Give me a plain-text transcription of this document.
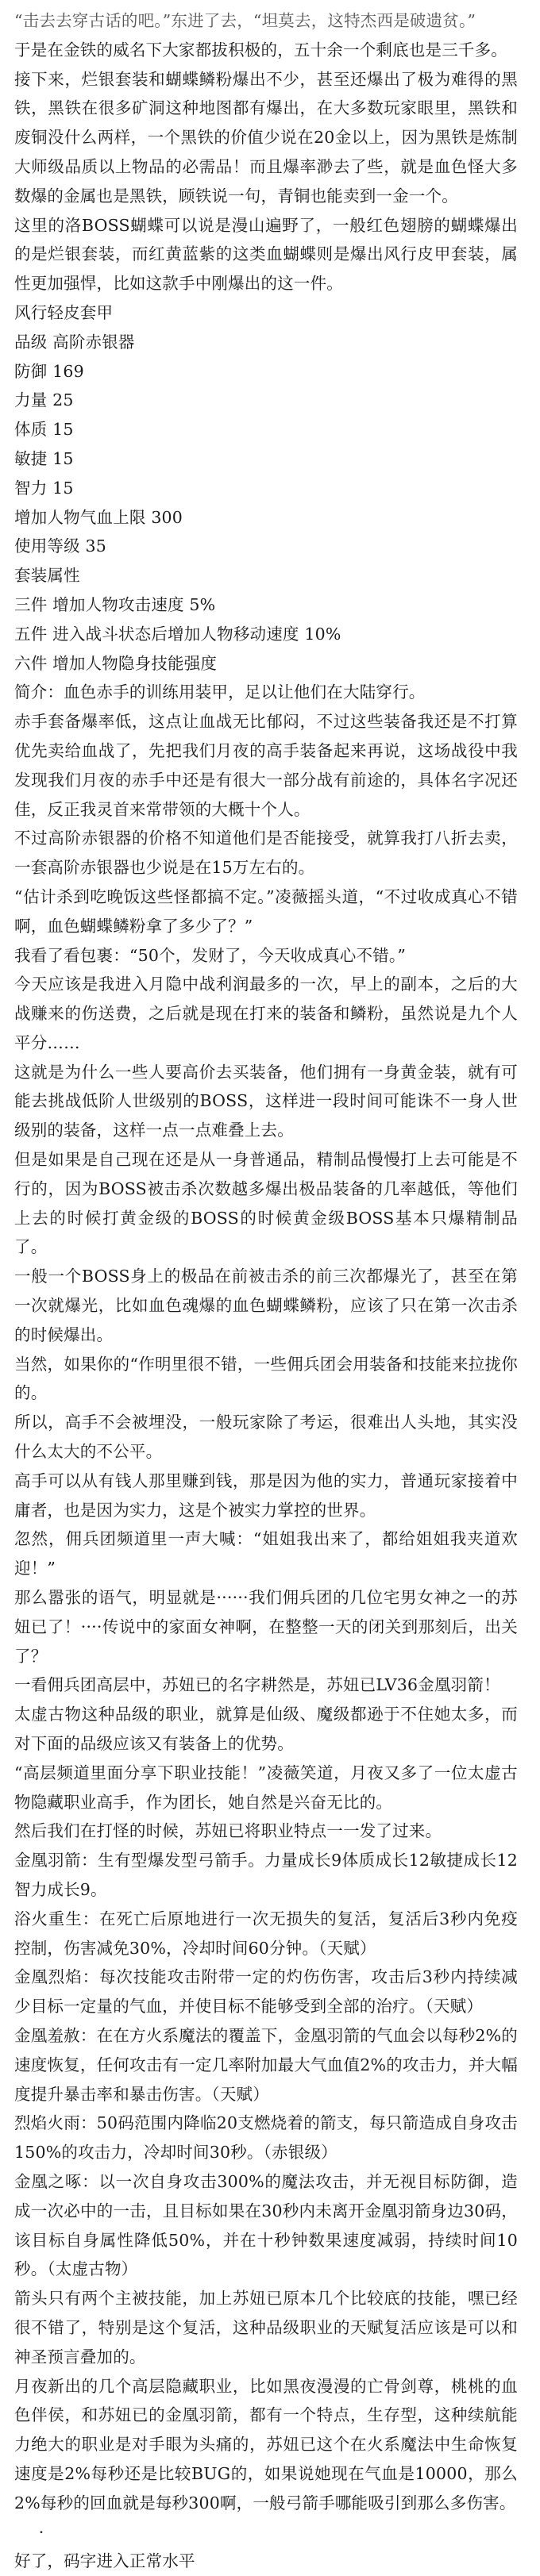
“击去去穿古话的吧。”东进了去，“坦莫去，这特杰西是破遗贫。”

于是在金铁的威名下大家都拔积极的，五十余一个剩底也是三千多。

接下来，烂银套装和蝴蝶鳞粉爆出不少，甚至还爆出了极为难得的黑铁，黑铁在很多矿洞这种地图都有爆出，在大多数玩家眼里，黑铁和废铜没什么两样，一个黑铁的价值少说在20金以上，因为黑铁是炼制大师级品质以上物品的必需品！而且爆率渺去了些，就是血色怪大多数爆的金属也是黑铁，顾铁说一句，青铜也能卖到一金一个。

这里的洛BOSS蝴蝶可以说是漫山遍野了，一般红色翅膀的蝴蝶爆出的是烂银套装，而红黄蓝紫的这类血蝴蝶则是爆出风行皮甲套装，属性更加强悍，比如这款手中刚爆出的这一件。

风行轻皮套甲

品级 高阶赤银器

防御 169

力量 25

体质 15

敏捷 15

智力 15

增加人物气血上限 300

使用等级 35

套装属性

三件 增加人物攻击速度 5%

五件 进入战斗状态后增加人物移动速度 10%

六件 增加人物隐身技能强度

简介：血色赤手的训练用装甲，足以让他们在大陆穿行。

赤手套备爆率低，这点让血战无比郁闷，不过这些装备我还是不打算优先卖给血战了，先把我们月夜的高手装备起来再说，这场战役中我发现我们月夜的赤手中还是有很大一部分战有前途的，具体名字况还佳，反正我灵首来常带领的大概十个人。

不过高阶赤银器的价格不知道他们是否能接受，就算我打八折去卖，一套高阶赤银器也少说是在15万左右的。

“估计杀到吃晚饭这些怪都搞不定。”凌薇摇头道，“不过收成真心不错啊，血色蝴蝶鳞粉拿了多少了？”

我看了看包裹：“50个，发财了，今天收成真心不错。”

今天应该是我进入月隐中战利润最多的一次，早上的副本，之后的大战赚来的伤送费，之后就是现在打来的装备和鳞粉，虽然说是九个人平分……

这就是为什么一些人要高价去买装备，他们拥有一身黄金装，就有可能去挑战低阶人世级别的BOSS，这样进一段时间可能诛不一身人世级别的装备，这样一点一点难叠上去。

但是如果是自己现在还是从一身普通品，精制品慢慢打上去可能是不行的，因为BOSS被击杀次数越多爆出极品装备的几率越低，等他们上去的时候打黄金级的BOSS的时候黄金级BOSS基本只爆精制品了。

一般一个BOSS身上的极品在前被击杀的前三次都爆光了，甚至在第一次就爆光，比如血色魂爆的血色蝴蝶鳞粉，应该了只在第一次击杀的时候爆出。

当然，如果你的“作明里很不错，一些佣兵团会用装备和技能来拉拢你的。

所以，高手不会被埋没，一般玩家除了考运，很难出人头地，其实没什么太大的不公平。

高手可以从有钱人那里赚到钱，那是因为他的实力，普通玩家接着中庸者，也是因为实力，这是个被实力掌控的世界。

忽然，佣兵团频道里一声大喊：“姐姐我出来了，都给姐姐我夹道欢迎！”

那么嚣张的语气，明显就是······我们佣兵团的几位宅男女神之一的苏妞已了！····传说中的家面女神啊，在整整一天的闭关到那刻后，出关了？

一看佣兵团高层中，苏妞已的名字耕然是，苏妞已LV36金凰羽箭！

太虚古物这种品级的职业，就算是仙级、魔级都逊于不住她太多，而对下面的品级应该又有装备上的优势。

“高层频道里面分享下职业技能！”凌薇笑道，月夜又多了一位太虚古物隐藏职业高手，作为团长，她自然是兴奋无比的。

然后我们在打怪的时候，苏妞已将职业特点一一发了过来。

金凰羽箭：生有型爆发型弓箭手。力量成长9体质成长12敏捷成长12智力成长9。

浴火重生：在死亡后原地进行一次无损失的复活，复活后3秒内免疫控制，伤害减免30%，冷却时间60分钟。（天赋）

金凰烈焰：每次技能攻击附带一定的灼伤伤害，攻击后3秒内持续减少目标一定量的气血，并使目标不能够受到全部的治疗。（天赋）

金凰羞赦：在在方火系魔法的覆盖下，金凰羽箭的气血会以每秒2%的速度恢复，任何攻击有一定几率附加最大气血值2%的攻击力，并大幅度提升暴击率和暴击伤害。（天赋）

烈焰火雨：50码范围内降临20支燃烧着的箭支，每只箭造成自身攻击150%的攻击力，冷却时间30秒。（赤银级）

金凰之啄：以一次自身攻击300%的魔法攻击，并无视目标防御，造成一次必中的一击，且目标如果在30秒内未离开金凰羽箭身边30码，该目标自身属性降低50%，并在十秒钟数果速度减弱，持续时间10秒。（太虚古物）

箭头只有两个主被技能，加上苏妞已原本几个比较底的技能，嘿已经很不错了，特别是这个复活，这种品级职业的天赋复活应该是可以和神圣预言叠加的。

月夜新出的几个高层隐藏职业，比如黑夜漫漫的亡骨剑尊，桃桃的血色伴侯，和苏妞已的金凰羽箭，都有一个特点，生存型，这种续航能力绝大的职业是对手眼为头痛的，苏妞已这个在火系魔法中生命恢复速度是2%每秒还是比较BUG的，如果说她现在气血是10000，那么2%每秒的回血就是每秒300啊，一般弓箭手哪能吸引到那么多伤害。

·

好了，码字进入正常水平
